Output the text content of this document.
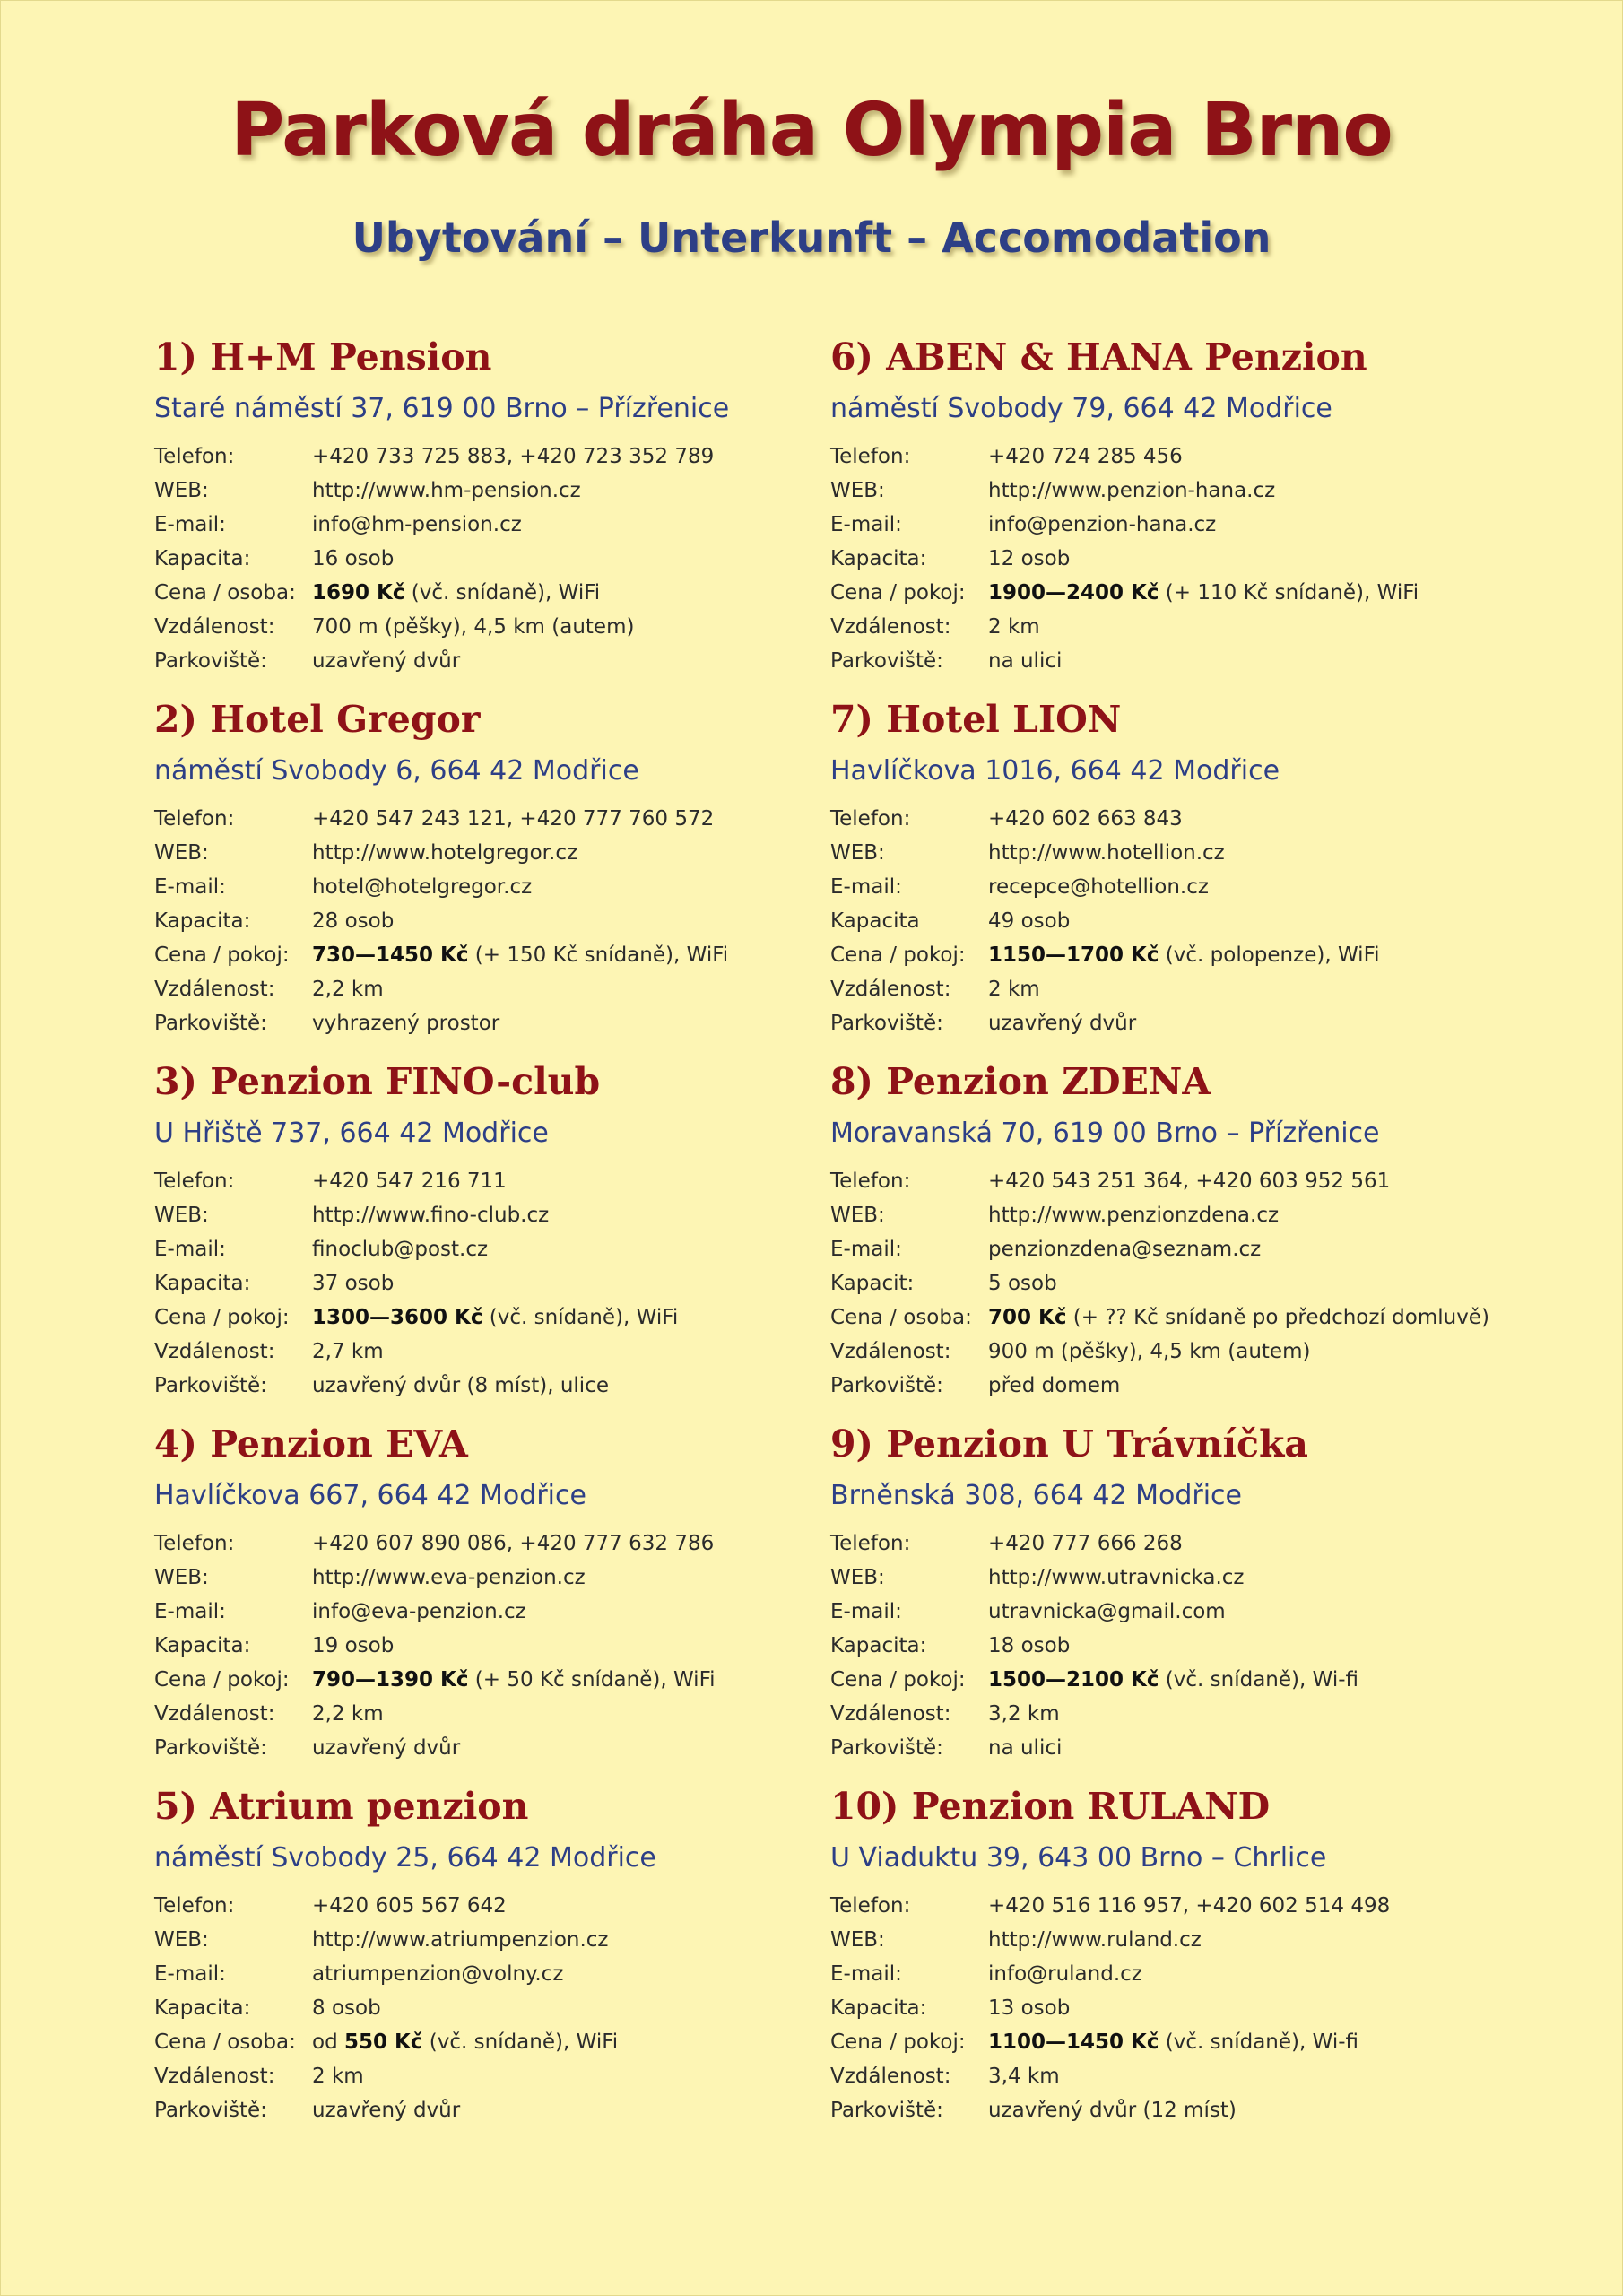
Parková dráha Olympia Brno
Ubytování – Unterkunft – Accomodation
1) H+M Pension
Staré náměstí 37, 619 00 Brno – Přízřenice
Telefon:	+420 733 725 883, +420 723 352 789
WEB:	http://www.hm-pension.cz
E-mail:	info@hm-pension.cz
Kapacita:	16 osob
Cena / osoba: 1690 Kč (vč. snídaně), WiFi
Vzdálenost: 700 m (pěšky), 4,5 km (autem)
Parkoviště: uzavřený dvůr
2) Hotel Gregor
náměstí Svobody 6, 664 42 Modřice
Telefon:	+420 547 243 121, +420 777 760 572
WEB:	http://www.hotelgregor.cz
E-mail:	hotel@hotelgregor.cz
Kapacita:	28 osob
Cena / pokoj: 730—1450 Kč (+ 150 Kč snídaně), WiFi
Vzdálenost: 2,2 km
Parkoviště: vyhrazený prostor
3) Penzion FINO-club
U Hřiště 737, 664 42 Modřice
Telefon:	+420 547 216 711
WEB:	http://www.fino-club.cz
E-mail:	finoclub@post.cz
Kapacita:	37 osob
Cena / pokoj: 1300—3600 Kč (vč. snídaně), WiFi
Vzdálenost: 2,7 km
Parkoviště: uzavřený dvůr (8 míst), ulice
4) Penzion EVA
Havlíčkova 667, 664 42 Modřice
Telefon:	+420 607 890 086, +420 777 632 786
WEB:	http://www.eva-penzion.cz
E-mail:	info@eva-penzion.cz
Kapacita:	19 osob
Cena / pokoj: 790—1390 Kč (+ 50 Kč snídaně), WiFi
Vzdálenost: 2,2 km
Parkoviště: uzavřený dvůr
5) Atrium penzion
náměstí Svobody 25, 664 42 Modřice
Telefon:	+420 605 567 642
WEB:	http://www.atriumpenzion.cz
E-mail:	atriumpenzion@volny.cz
Kapacita:	8 osob
Cena / osoba: od 550 Kč (vč. snídaně), WiFi
Vzdálenost: 2 km
Parkoviště: uzavřený dvůr
6) ABEN & HANA Penzion
náměstí Svobody 79, 664 42 Modřice
Telefon:	+420 724 285 456
WEB:	http://www.penzion-hana.cz
E-mail:	info@penzion-hana.cz
Kapacita:	12 osob
Cena / pokoj: 1900—2400 Kč (+ 110 Kč snídaně), WiFi
Vzdálenost: 2 km
Parkoviště: na ulici
7) Hotel LION
Havlíčkova 1016, 664 42 Modřice
Telefon:	+420 602 663 843
WEB:	http://www.hotellion.cz
E-mail:	recepce@hotellion.cz
Kapacita	49 osob
Cena / pokoj: 1150—1700 Kč (vč. polopenze), WiFi
Vzdálenost: 2 km
Parkoviště: uzavřený dvůr
8) Penzion ZDENA
Moravanská 70, 619 00 Brno – Přízřenice
Telefon:	+420 543 251 364, +420 603 952 561
WEB:	http://www.penzionzdena.cz
E-mail:	penzionzdena@seznam.cz
Kapacit:	5 osob
Cena / osoba: 700 Kč (+ ?? Kč snídaně po předchozí domluvě)
Vzdálenost: 900 m (pěšky), 4,5 km (autem)
Parkoviště: před domem
9) Penzion U Trávníčka
Brněnská 308, 664 42 Modřice
Telefon:	+420 777 666 268
WEB:	http://www.utravnicka.cz
E-mail:	utravnicka@gmail.com
Kapacita:	18 osob
Cena / pokoj: 1500—2100 Kč (vč. snídaně), Wi-fi
Vzdálenost: 3,2 km
Parkoviště: na ulici
10) Penzion RULAND
U Viaduktu 39, 643 00 Brno – Chrlice
Telefon:	+420 516 116 957, +420 602 514 498
WEB:	http://www.ruland.cz
E-mail:	info@ruland.cz
Kapacita:	13 osob
Cena / pokoj: 1100—1450 Kč (vč. snídaně), Wi-fi
Vzdálenost: 3,4 km
Parkoviště: uzavřený dvůr (12 míst)
